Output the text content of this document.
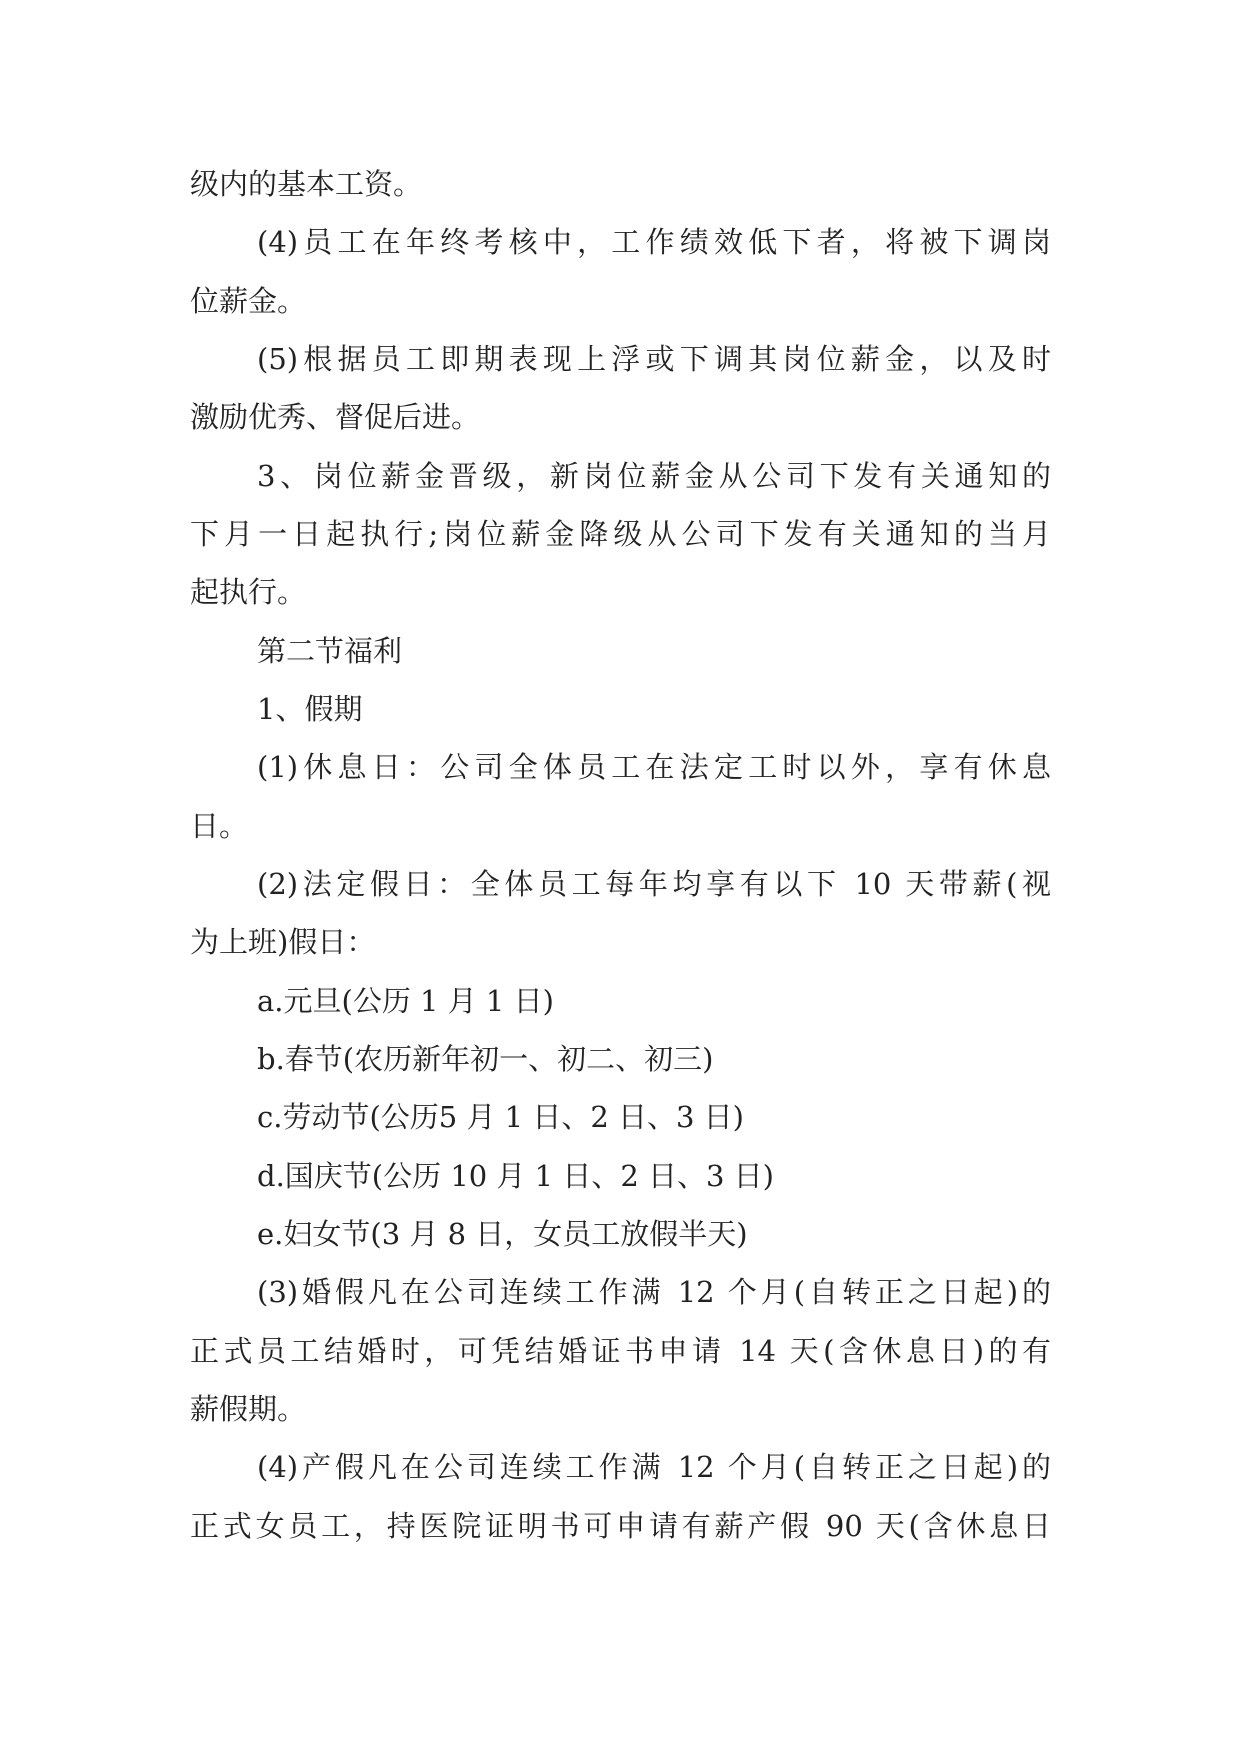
级内的基本工资。
(4)员工在年终考核中，工作绩效低下者，将被下调岗
位薪金。
(5)根据员工即期表现上浮或下调其岗位薪金，以及时
激励优秀、督促后进。
3、岗位薪金晋级，新岗位薪金从公司下发有关通知的
下月一日起执行;岗位薪金降级从公司下发有关通知的当月
起执行。
第二节福利
1、假期
(1)休息日：公司全体员工在法定工时以外，享有休息
日。
(2)法定假日：全体员工每年均享有以下 10 天带薪(视
为上班)假日：
a.元旦(公历 1 月 1 日)
b.春节(农历新年初一、初二、初三)
c.劳动节(公历5 月 1 日、2 日、3 日)
d.国庆节(公历 10 月 1 日、2 日、3 日)
e.妇女节(3 月 8 日，女员工放假半天)
(3)婚假凡在公司连续工作满 12 个月(自转正之日起)的
正式员工结婚时，可凭结婚证书申请 14 天(含休息日)的有
薪假期。
(4)产假凡在公司连续工作满 12 个月(自转正之日起)的
正式女员工，持医院证明书可申请有薪产假 90 天(含休息日
